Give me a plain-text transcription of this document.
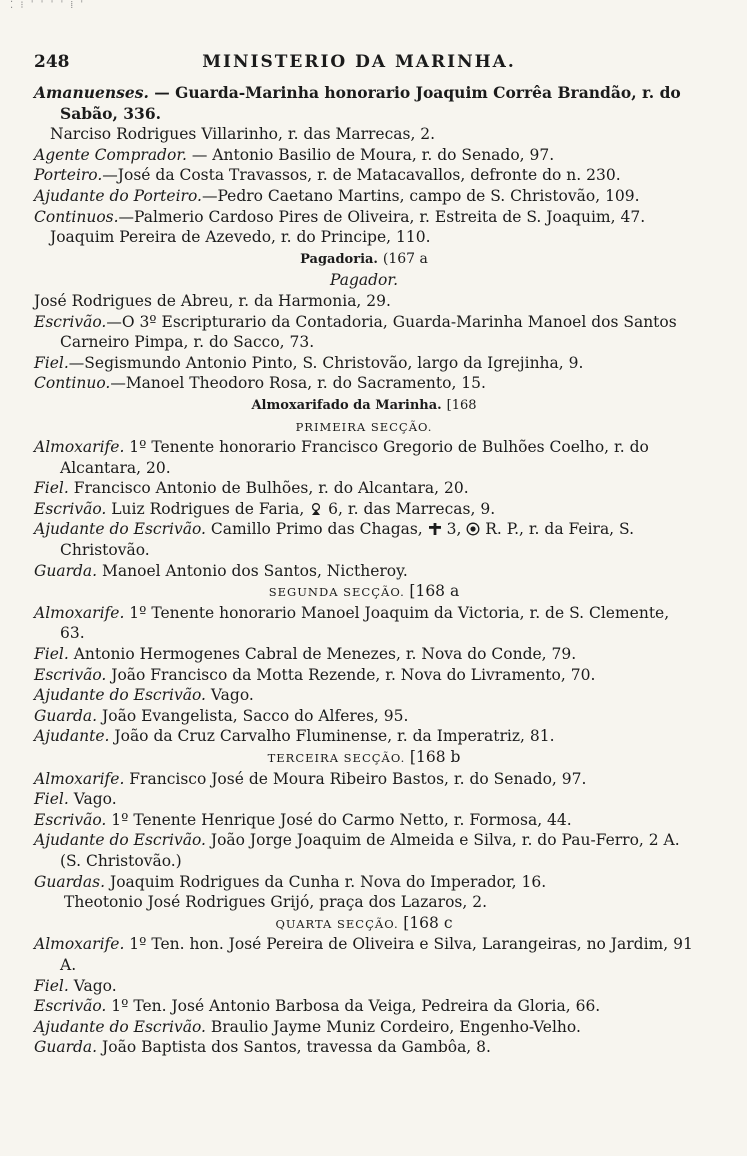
⁚ ⁝ ˈ ˈ ˈ ˈ ⁞ ˈ
248	MINISTERIO DA MARINHA.

Amanuenses. — Guarda-Marinha honorario Joaquim Corrêa Brandão, r. do Sabão, 336.

Narciso Rodrigues Villarinho, r. das Marrecas, 2.

Agente Comprador. — Antonio Basilio de Moura, r. do Senado, 97.

Porteiro.—José da Costa Travassos, r. de Matacavallos, defronte do n. 230.

Ajudante do Porteiro.—Pedro Caetano Martins, campo de S. Christovão, 109.

Continuos.—Palmerio Cardoso Pires de Oliveira, r. Estreita de S. Joaquim, 47.

Joaquim Pereira de Azevedo, r. do Principe, 110.

Pagadoria. (167 a

Pagador.

José Rodrigues de Abreu, r. da Harmonia, 29.

Escrivão.—O 3º Escripturario da Contadoria, Guarda-Marinha Manoel dos Santos Carneiro Pimpa, r. do Sacco, 73.

Fiel.—Segismundo Antonio Pinto, S. Christovão, largo da Igrejinha, 9.

Continuo.—Manoel Theodoro Rosa, r. do Sacramento, 15.

Almoxarifado da Marinha. [168

PRIMEIRA SECÇÃO.

Almoxarife. 1º Tenente honorario Francisco Gregorio de Bulhões Coelho, r. do Alcantara, 20.

Fiel. Francisco Antonio de Bulhões, r. do Alcantara, 20.

Escrivão. Luiz Rodrigues de Faria,  6, r. das Marrecas, 9.

Ajudante do Escrivão. Camillo Primo das Chagas,  3,  R. P., r. da Feira, S. Christovão.

Guarda. Manoel Antonio dos Santos, Nictheroy.

SEGUNDA SECÇÃO. [168 a

Almoxarife. 1º Tenente honorario Manoel Joaquim da Victoria, r. de S. Clemente, 63.

Fiel. Antonio Hermogenes Cabral de Menezes, r. Nova do Conde, 79.

Escrivão. João Francisco da Motta Rezende, r. Nova do Livramento, 70.

Ajudante do Escrivão. Vago.

Guarda. João Evangelista, Sacco do Alferes, 95.

Ajudante. João da Cruz Carvalho Fluminense, r. da Imperatriz, 81.

TERCEIRA SECÇÃO. [168 b

Almoxarife. Francisco José de Moura Ribeiro Bastos, r. do Senado, 97.

Fiel. Vago.

Escrivão. 1º Tenente Henrique José do Carmo Netto, r. Formosa, 44.

Ajudante do Escrivão. João Jorge Joaquim de Almeida e Silva, r. do Pau-Ferro, 2 A. (S. Christovão.)

Guardas. Joaquim Rodrigues da Cunha r. Nova do Imperador, 16.

Theotonio José Rodrigues Grijó, praça dos Lazaros, 2.

QUARTA SECÇÃO. [168 c

Almoxarife. 1º Ten. hon. José Pereira de Oliveira e Silva, Larangeiras, no Jardim, 91 A.

Fiel. Vago.

Escrivão. 1º Ten. José Antonio Barbosa da Veiga, Pedreira da Gloria, 66.

Ajudante do Escrivão. Braulio Jayme Muniz Cordeiro, Engenho-Velho.

Guarda. João Baptista dos Santos, travessa da Gambôa, 8.
